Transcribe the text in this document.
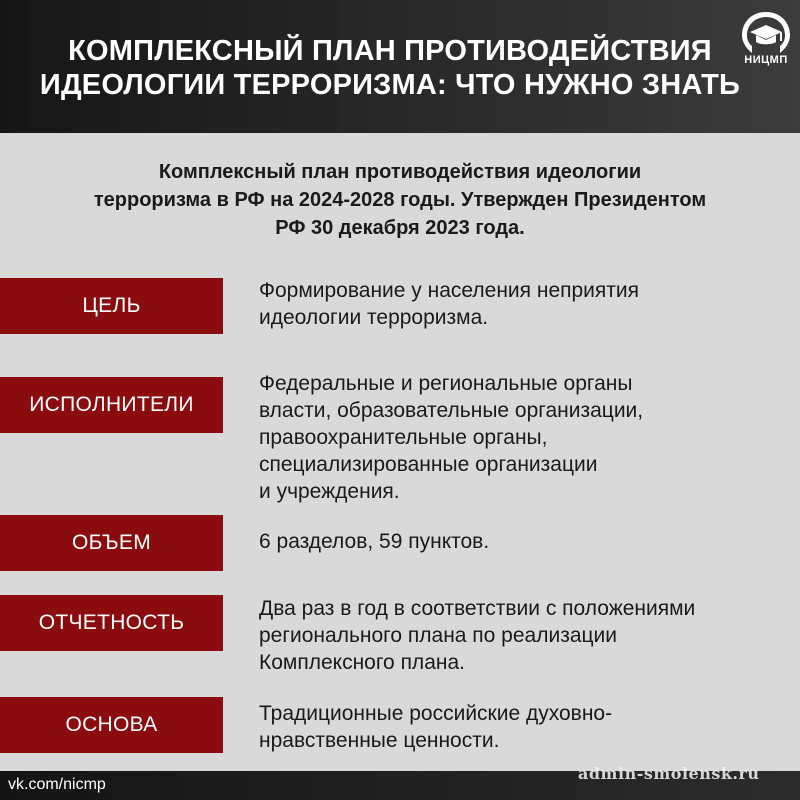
КОМПЛЕКСНЫЙ ПЛАН ПРОТИВОДЕЙСТВИЯ
ИДЕОЛОГИИ ТЕРРОРИЗМА: ЧТО НУЖНО ЗНАТЬ
НИЦМП
Комплексный план противодействия идеологии
терроризма в РФ на 2024-2028 годы. Утвержден Президентом
РФ 30 декабря 2023 года.
ЦЕЛЬ
Формирование у населения неприятия
идеологии терроризма.
ИСПОЛНИТЕЛИ
Федеральные и региональные органы
власти, образовательные организации,
правоохранительные органы,
специализированные организации
и учреждения.
ОБЪЕМ	6 разделов, 59 пунктов.
ОТЧЕТНОСТЬ
Два раз в год в соответствии с положениями
регионального плана по реализации
Комплексного плана.
ОСНОВА	Традиционные российские духовно-
нравственные ценности.
vk.com/nicmp
admin-smolensk.ru
